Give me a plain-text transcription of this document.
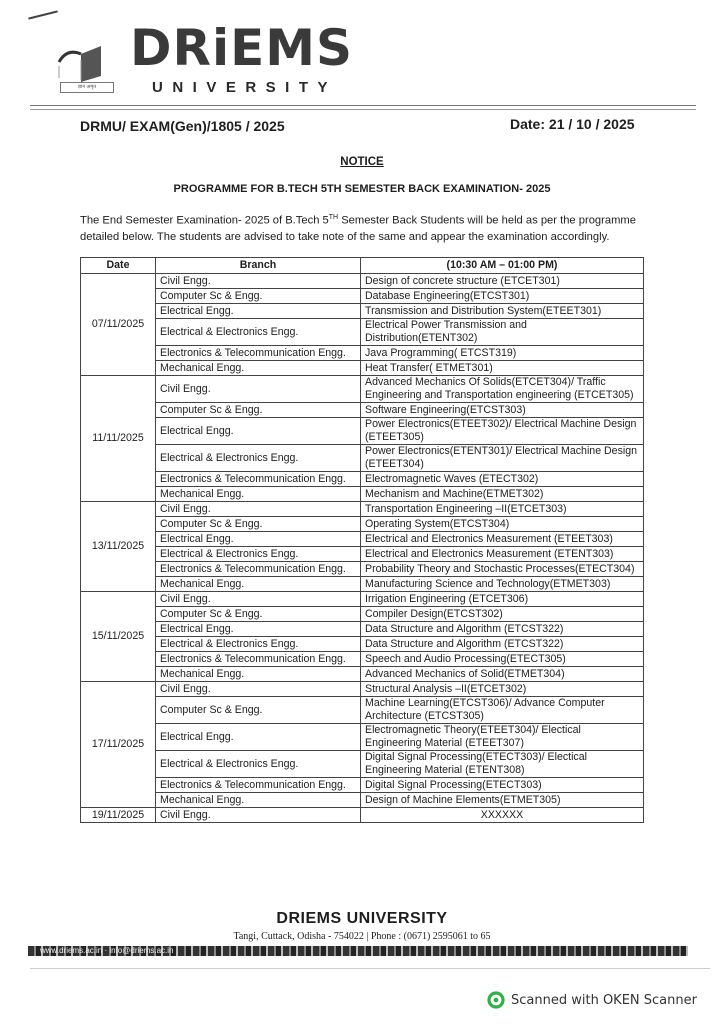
ज्ञान अमृत
DRiEMS
UNIVERSITY
DRMU/ EXAM(Gen)/1805 / 2025	Date: 21 / 10 / 2025
NOTICE
PROGRAMME FOR B.TECH 5TH SEMESTER BACK EXAMINATION- 2025
The End Semester Examination- 2025 of B.Tech 5TH Semester Back Students will be held as per the programme detailed below. The students are advised to take note of the same and appear the examination accordingly.
Date	Branch	(10:30 AM – 01:00 PM)
07/11/2025	Civil Engg.	Design of concrete structure (ETCET301)
	Computer Sc & Engg.	Database Engineering(ETCST301)
	Electrical Engg.	Transmission and Distribution System(ETEET301)
	Electrical & Electronics Engg.	Electrical Power Transmission and Distribution(ETENT302)
	Electronics & Telecommunication Engg.	Java Programming( ETCST319)
	Mechanical Engg.	Heat Transfer( ETMET301)
11/11/2025	Civil Engg.	Advanced Mechanics Of Solids(ETCET304)/ Traffic Engineering and Transportation engineering (ETCET305)
	Computer Sc & Engg.	Software Engineering(ETCST303)
	Electrical Engg.	Power Electronics(ETEET302)/ Electrical Machine Design (ETEET305)
	Electrical & Electronics Engg.	Power Electronics(ETENT301)/ Electrical Machine Design (ETEET304)
	Electronics & Telecommunication Engg.	Electromagnetic Waves (ETECT302)
	Mechanical Engg.	Mechanism and Machine(ETMET302)
13/11/2025	Civil Engg.	Transportation Engineering –II(ETCET303)
	Computer Sc & Engg.	Operating System(ETCST304)
	Electrical Engg.	Electrical and Electronics Measurement (ETEET303)
	Electrical & Electronics Engg.	Electrical and Electronics Measurement (ETENT303)
	Electronics & Telecommunication Engg.	Probability Theory and Stochastic Processes(ETECT304)
	Mechanical Engg.	Manufacturing Science and Technology(ETMET303)
15/11/2025	Civil Engg.	Irrigation Engineering (ETCET306)
	Computer Sc & Engg.	Compiler Design(ETCST302)
	Electrical Engg.	Data Structure and Algorithm (ETCST322)
	Electrical & Electronics Engg.	Data Structure and Algorithm (ETCST322)
	Electronics & Telecommunication Engg.	Speech and Audio Processing(ETECT305)
	Mechanical Engg.	Advanced Mechanics of Solid(ETMET304)
17/11/2025	Civil Engg.	Structural Analysis –II(ETCET302)
	Computer Sc & Engg.	Machine Learning(ETCST306)/ Advance Computer Architecture (ETCST305)
	Electrical Engg.	Electromagnetic Theory(ETEET304)/ Electical Engineering Material (ETEET307)
	Electrical & Electronics Engg.	Digital Signal Processing(ETECT303)/ Electical Engineering Material (ETENT308)
	Electronics & Telecommunication Engg.	Digital Signal Processing(ETECT303)
	Mechanical Engg.	Design of Machine Elements(ETMET305)
19/11/2025	Civil Engg.	XXXXXX
DRIEMS UNIVERSITY
Tangi, Cuttack, Odisha - 754022 | Phone : (0671) 2595061 to 65
www.driems.ac.in · info@driems.ac.in
Scanned with OKEN Scanner
